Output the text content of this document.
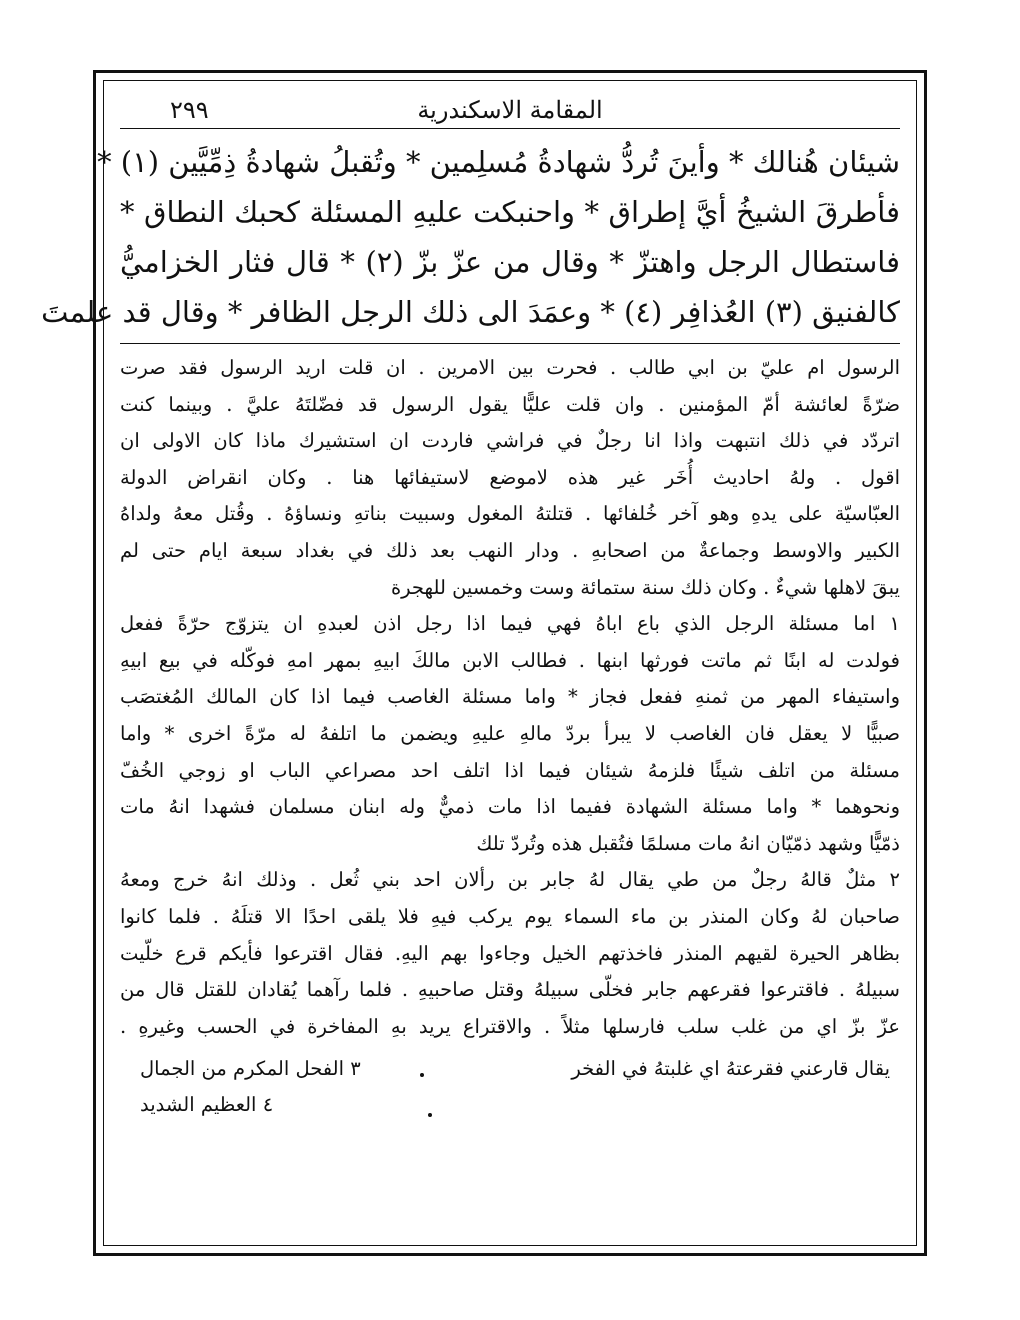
المقامة الاسكندرية
٢٩٩
شيئان هُنالك * وأينَ تُردُّ شهادةُ مُسلِمين * وتُقبلُ شهادةُ ذِمِّيَّين (١) *
فأطرقَ الشيخُ أيَّ إطراق * واحنبكت عليهِ المسئلة كحبك النطاق *
فاستطال الرجل واهتزّ * وقال من عزّ بزّ (٢) * قال فثار الخزاميُّ
كالفنيق (٣) العُذافِر (٤) * وعمَدَ الى ذلك الرجل الظافر * وقال قد علمتَ
الرسول ام عليّ بن ابي طالب . فحرت بين الامرين . ان قلت اريد الرسول فقد صرت
ضرّةً لعائشة أمّ المؤمنين . وان قلت عليًّا يقول الرسول قد فضّلتَهُ عليَّ . وبينما كنت
اتردّد في ذلك انتبهت واذا انا رجلٌ في فراشي فاردت ان استشيرك ماذا كان الاولى ان
اقول . ولهُ احاديث أُخَر غير هذه لاموضع لاستيفائها هنا . وكان انقراض الدولة
العبّاسيّة على يدهِ وهو آخر خُلفائها . قتلتهُ المغول وسبيت بناتهِ ونساؤهُ . وقُتل معهُ ولداهُ
الكبير والاوسط وجماعةٌ من اصحابهِ . ودار النهب بعد ذلك في بغداد سبعة ايام حتى لم
يبقَ لاهلها شيءٌ . وكان ذلك سنة ستمائة وست وخمسين للهجرة
١ اما مسئلة الرجل الذي باع اباهُ فهي فيما اذا رجل اذن لعبدهِ ان يتزوّج حرّةً ففعل
فولدت له ابنًا ثم ماتت فورثها ابنها . فطالب الابن مالكَ ابيهِ بمهر امهِ فوكّله في بيع ابيهِ
واستيفاء المهر من ثمنهِ ففعل فجاز * واما مسئلة الغاصب فيما اذا كان المالك المُغتصَب
صبيًّا لا يعقل فان الغاصب لا يبرأ بردّ مالهِ عليهِ ويضمن ما اتلفهُ له مرّةً اخرى * واما
مسئلة من اتلف شيئًا فلزمهُ شيئان فيما اذا اتلف احد مصراعي الباب او زوجي الخُفّ
ونحوهما * واما مسئلة الشهادة ففيما اذا مات ذميٌّ وله ابنان مسلمان فشهدا انهُ مات
ذمّيًّا وشهد ذمّيّان انهُ مات مسلمًا فتُقبل هذه وتُردّ تلك
٢ مثلٌ قالهُ رجلٌ من طي يقال لهُ جابر بن رألان احد بني ثُعل . وذلك انهُ خرج ومعهُ
صاحبان لهُ وكان المنذر بن ماء السماء يوم يركب فيهِ فلا يلقى احدًا الا قتلَهُ . فلما كانوا
بظاهر الحيرة لقيهم المنذر فاخذتهم الخيل وجاءوا بهم اليهِ. فقال اقترعوا فأيكم قرع خلّيت
سبيلهُ . فاقترعوا فقرعهم جابر فخلّى سبيلهُ وقتل صاحبيهِ . فلما رآهما يُقادان للقتل قال من
عزّ بزّ اي من غلب سلب فارسلها مثلاً . والاقتراع يريد بهِ المفاخرة في الحسب وغيرهِ .
يقال قارعني فقرعتهُ اي غلبتهُ في الفخر
٣ الفحل المكرم من الجمال
٤ العظيم الشديد
